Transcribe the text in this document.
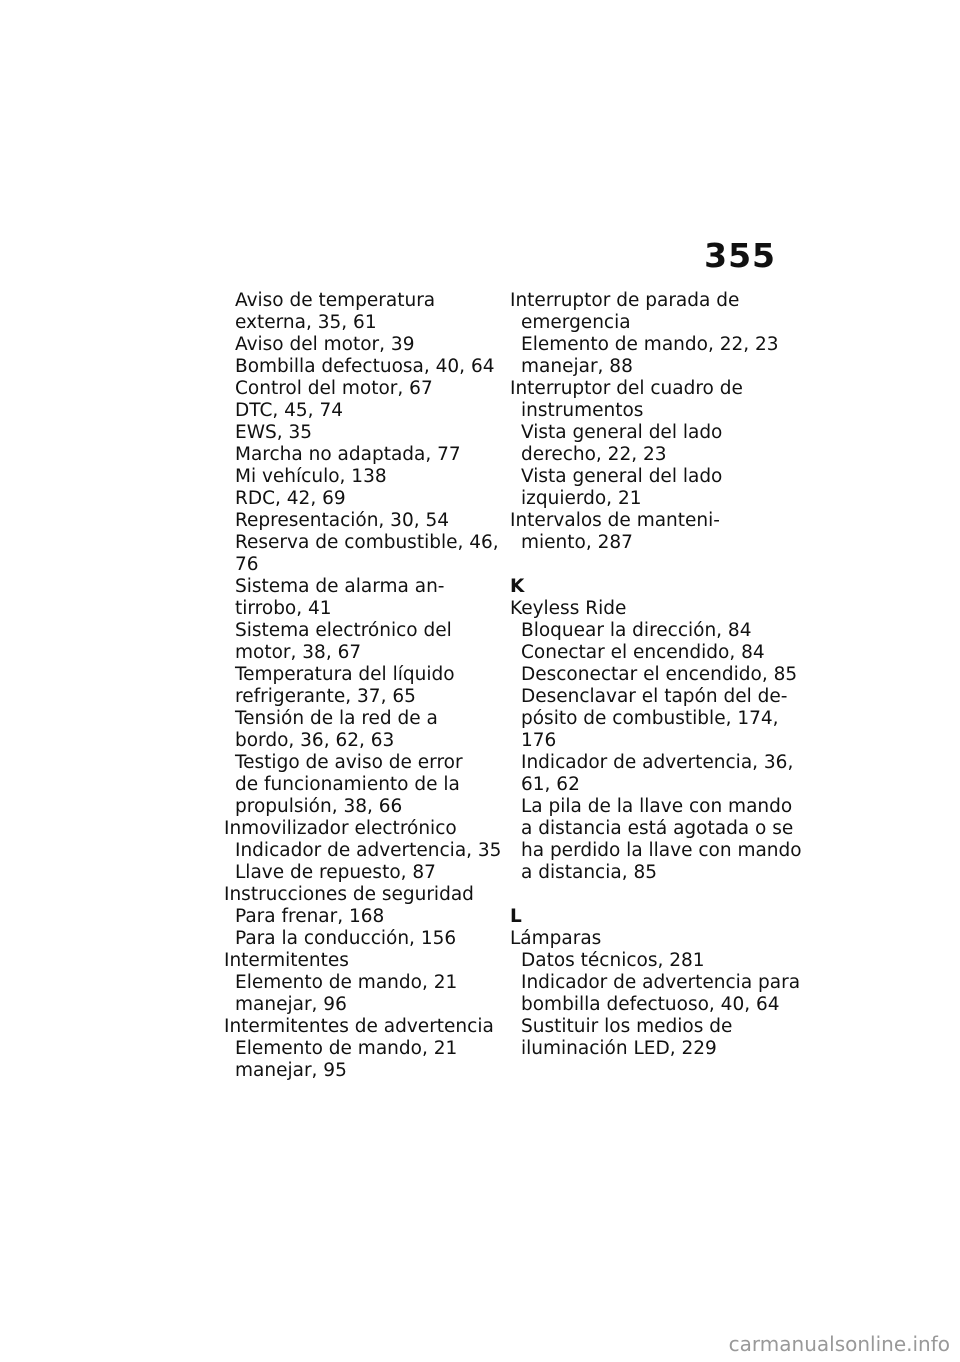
355
Aviso de temperatura
externa, 35, 61
Aviso del motor, 39
Bombilla defectuosa, 40, 64
Control del motor, 67
DTC, 45, 74
EWS, 35
Marcha no adaptada, 77
Mi vehículo, 138
RDC, 42, 69
Representación, 30, 54
Reserva de combustible, 46,
76
Sistema de alarma an-
tirrobo, 41
Sistema electrónico del
motor, 38, 67
Temperatura del líquido
refrigerante, 37, 65
Tensión de la red de a
bordo, 36, 62, 63
Testigo de aviso de error
de funcionamiento de la
propulsión, 38, 66
Inmovilizador electrónico
Indicador de advertencia, 35
Llave de repuesto, 87
Instrucciones de seguridad
Para frenar, 168
Para la conducción, 156
Intermitentes
Elemento de mando, 21
manejar, 96
Intermitentes de advertencia
Elemento de mando, 21
manejar, 95
Interruptor de parada de
emergencia
Elemento de mando, 22, 23
manejar, 88
Interruptor del cuadro de
instrumentos
Vista general del lado
derecho, 22, 23
Vista general del lado
izquierdo, 21
Intervalos de manteni-
miento, 287
K
Keyless Ride
Bloquear la dirección, 84
Conectar el encendido, 84
Desconectar el encendido, 85
Desenclavar el tapón del de-
pósito de combustible, 174,
176
Indicador de advertencia, 36,
61, 62
La pila de la llave con mando
a distancia está agotada o se
ha perdido la llave con mando
a distancia, 85
L
Lámparas
Datos técnicos, 281
Indicador de advertencia para
bombilla defectuoso, 40, 64
Sustituir los medios de
iluminación LED, 229
carmanualsonline.info
